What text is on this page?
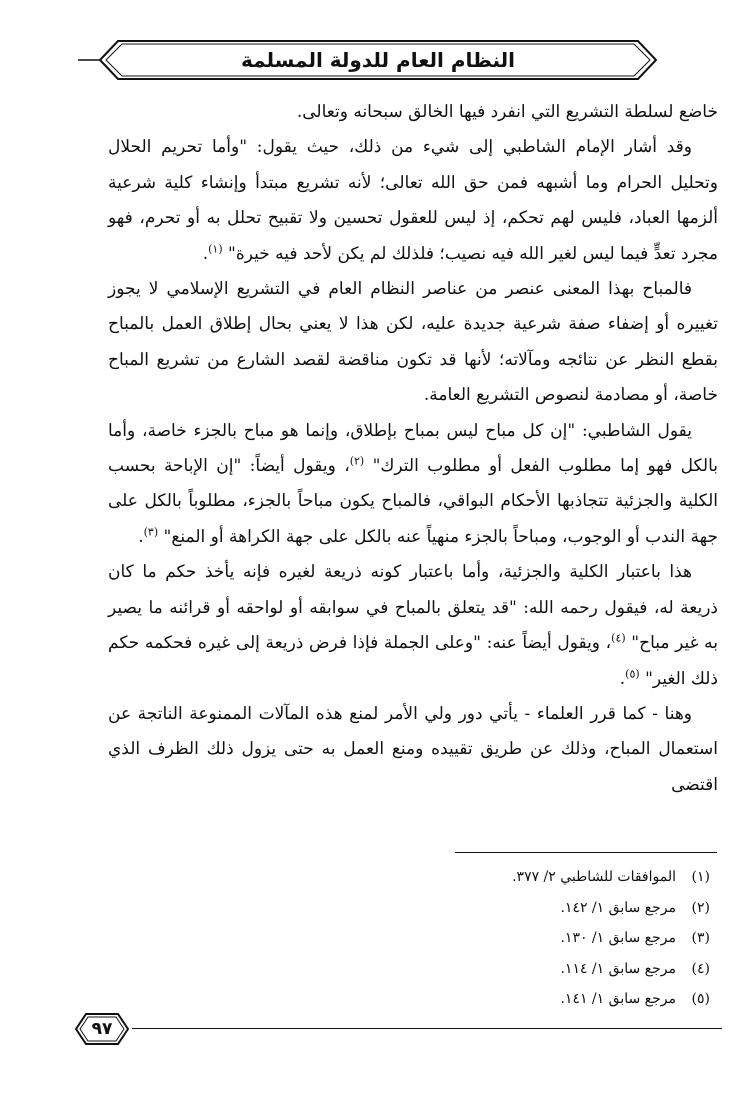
النظام العام للدولة المسلمة

خاضع لسلطة التشريع التي انفرد فيها الخالق سبحانه وتعالى.

وقد أشار الإمام الشاطبي إلى شيء من ذلك، حيث يقول: "وأما تحريم الحلال وتحليل الحرام وما أشبهه فمن حق الله تعالى؛ لأنه تشريع مبتدأ وإنشاء كلية شرعية ألزمها العباد، فليس لهم تحكم، إذ ليس للعقول تحسين ولا تقبيح تحلل به أو تحرم، فهو مجرد تعدٍّ فيما ليس لغير الله فيه نصيب؛ فلذلك لم يكن لأحد فيه خيرة" $^{(١)}$.

فالمباح بهذا المعنى عنصر من عناصر النظام العام في التشريع الإسلامي لا يجوز تغييره أو إضفاء صفة شرعية جديدة عليه، لكن هذا لا يعني بحال إطلاق العمل بالمباح بقطع النظر عن نتائجه ومآلاته؛ لأنها قد تكون مناقضة لقصد الشارع من تشريع المباح خاصة، أو مصادمة لنصوص التشريع العامة.

يقول الشاطبي: "إن كل مباح ليس بمباح بإطلاق، وإنما هو مباح بالجزء خاصة، وأما بالكل فهو إما مطلوب الفعل أو مطلوب الترك" $^{(٢)}$، ويقول أيضاً: "إن الإباحة بحسب الكلية والجزئية تتجاذبها الأحكام البواقي، فالمباح يكون مباحاً بالجزء، مطلوباً بالكل على جهة الندب أو الوجوب، ومباحاً بالجزء منهياً عنه بالكل على جهة الكراهة أو المنع" $^{(٣)}$.

هذا باعتبار الكلية والجزئية، وأما باعتبار كونه ذريعة لغيره فإنه يأخذ حكم ما كان ذريعة له، فيقول رحمه الله: "قد يتعلق بالمباح في سوابقه أو لواحقه أو قرائنه ما يصير به غير مباح" $^{(٤)}$، ويقول أيضاً عنه: "وعلى الجملة فإذا فرض ذريعة إلى غيره فحكمه حكم ذلك الغير" $^{(٥)}$.

وهنا - كما قرر العلماء - يأتي دور ولي الأمر لمنع هذه المآلات الممنوعة الناتجة عن استعمال المباح، وذلك عن طريق تقييده ومنع العمل به حتى يزول ذلك الظرف الذي اقتضى

(١)الموافقات للشاطبي ٢/ ٣٧٧.
(٢)مرجع سابق ١/ ١٤٢.
(٣)مرجع سابق ١/ ١٣٠.
(٤)مرجع سابق ١/ ١١٤.
(٥)مرجع سابق ١/ ١٤١.
٩٧
